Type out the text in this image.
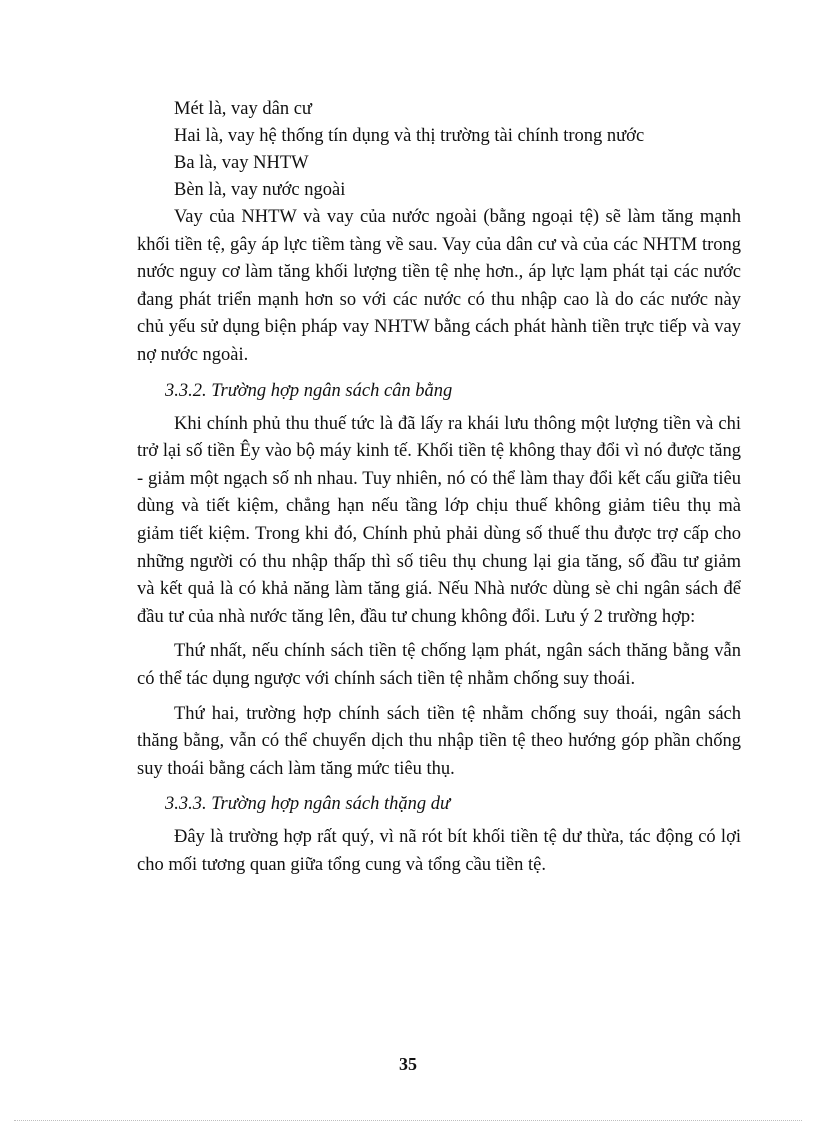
Mét là, vay dân cư

Hai là, vay hệ thống tín dụng và thị trường tài chính trong nước

Ba là, vay NHTW

Bèn là, vay nước ngoài

Vay của NHTW và vay của nước ngoài (bằng ngoại tệ) sẽ làm tăng mạnh khối tiền tệ, gây áp lực tiềm tàng về sau. Vay của dân cư và của các NHTM trong nước nguy cơ làm tăng khối lượng tiền tệ nhẹ hơn., áp lực lạm phát tại các nước đang phát triển mạnh hơn so với các nước có thu nhập cao là do các nước này chủ yếu sử dụng biện pháp vay NHTW bằng cách phát hành tiền trực tiếp và vay nợ nước ngoài.

3.3.2. Trường hợp ngân sách cân bằng

Khi chính phủ thu thuế tức là đã lấy ra khái lưu thông một lượng tiền và chi trở lại số tiền Êy vào bộ máy kinh tế. Khối tiền tệ không thay đổi vì nó được tăng - giảm một ngạch số nh nhau. Tuy nhiên, nó có thể làm thay đổi kết cấu giữa tiêu dùng và tiết kiệm, chẳng hạn nếu tầng lớp chịu thuế không giảm tiêu thụ mà giảm tiết kiệm. Trong khi đó, Chính phủ phải dùng số thuế thu được trợ cấp cho những người có thu nhập thấp thì số tiêu thụ chung lại gia tăng, số đầu tư giảm và kết quả là có khả năng làm tăng giá. Nếu Nhà nước dùng sè chi ngân sách để đầu tư của nhà nước tăng lên, đầu tư chung không đổi. Lưu ý 2 trường hợp:

Thứ nhất, nếu chính sách tiền tệ chống lạm phát, ngân sách thăng bằng vẫn có thể tác dụng ngược với chính sách tiền tệ nhằm chống suy thoái.

Thứ hai, trường hợp chính sách tiền tệ nhằm chống suy thoái, ngân sách thăng bằng, vẫn có thể chuyển dịch thu nhập tiền tệ theo hướng góp phần chống suy thoái bằng cách làm tăng mức tiêu thụ.

3.3.3. Trường hợp ngân sách thặng dư

Đây là trường hợp rất quý, vì nã rót bít khối tiền tệ dư thừa, tác động có lợi cho mối tương quan giữa tổng cung và tổng cầu tiền tệ.

35
